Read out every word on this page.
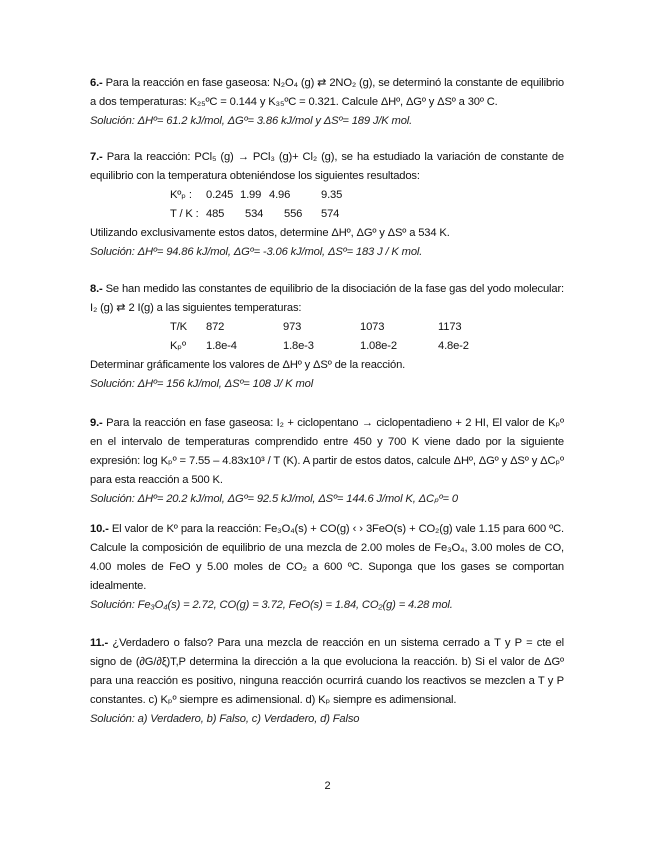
6.- Para la reacción en fase gaseosa: N₂O₄ (g) ⇄ 2NO₂ (g), se determinó la constante de equilibrio a dos temperaturas: K₂₅ºC = 0.144 y K₃₅ºC = 0.321. Calcule ΔHº, ΔGº y ΔSº a 30º C.

Solución: ΔHº= 61.2 kJ/mol, ΔGº= 3.86 kJ/mol y ΔSº= 189 J/K mol.

7.- Para la reacción: PCl₅ (g) → PCl₃ (g)+ Cl₂ (g), se ha estudiado la variación de constante de equilibrio con la temperatura obteniéndose los siguientes resultados:

Kºₚ : 0.245 1.99 4.96	9.35
T / K : 485 534 556 574

Utilizando exclusivamente estos datos, determine ΔHº, ΔGº y ΔSº a 534 K.

Solución: ΔHº= 94.86 kJ/mol, ΔGº= -3.06 kJ/mol, ΔSº= 183 J / K mol.

8.- Se han medido las constantes de equilibrio de la disociación de la fase gas del yodo molecular: I₂ (g) ⇄ 2 I(g) a las siguientes temperaturas:

T/K 872	973	1073	1173
Kₚº 1.8e-4	1.8e-3	1.08e-2	4.8e-2

Determinar gráficamente los valores de ΔHº y ΔSº de la reacción.

Solución: ΔHº= 156 kJ/mol, ΔSº= 108 J/ K mol

9.- Para la reacción en fase gaseosa: I₂ + ciclopentano → ciclopentadieno + 2 HI, El valor de Kₚº en el intervalo de temperaturas comprendido entre 450 y 700 K viene dado por la siguiente expresión: log Kₚº = 7.55 – 4.83x10³ / T (K). A partir de estos datos, calcule ΔHº, ΔGº y ΔSº y ΔCₚº para esta reacción a 500 K.

Solución: ΔHº= 20.2 kJ/mol, ΔGº= 92.5 kJ/mol, ΔSº= 144.6 J/mol K, ΔCₚº= 0

10.- El valor de Kº para la reacción: Fe₃O₄(s) + CO(g) ‹ › 3FeO(s) + CO₂(g) vale 1.15 para 600 ºC. Calcule la composición de equilibrio de una mezcla de 2.00 moles de Fe₃O₄, 3.00 moles de CO, 4.00 moles de FeO y 5.00 moles de CO₂ a 600 ºC. Suponga que los gases se comportan idealmente.

Solución: Fe₃O₄(s) = 2.72, CO(g) = 3.72, FeO(s) = 1.84, CO₂(g) = 4.28 mol.

11.- ¿Verdadero o falso? Para una mezcla de reacción en un sistema cerrado a T y P = cte el signo de (∂G/∂ξ)T,P determina la dirección a la que evoluciona la reacción. b) Si el valor de ΔGº para una reacción es positivo, ninguna reacción ocurrirá cuando los reactivos se mezclen a T y P constantes. c) Kₚº siempre es adimensional. d) Kₚ siempre es adimensional.

Solución: a) Verdadero, b) Falso, c) Verdadero, d) Falso

2
